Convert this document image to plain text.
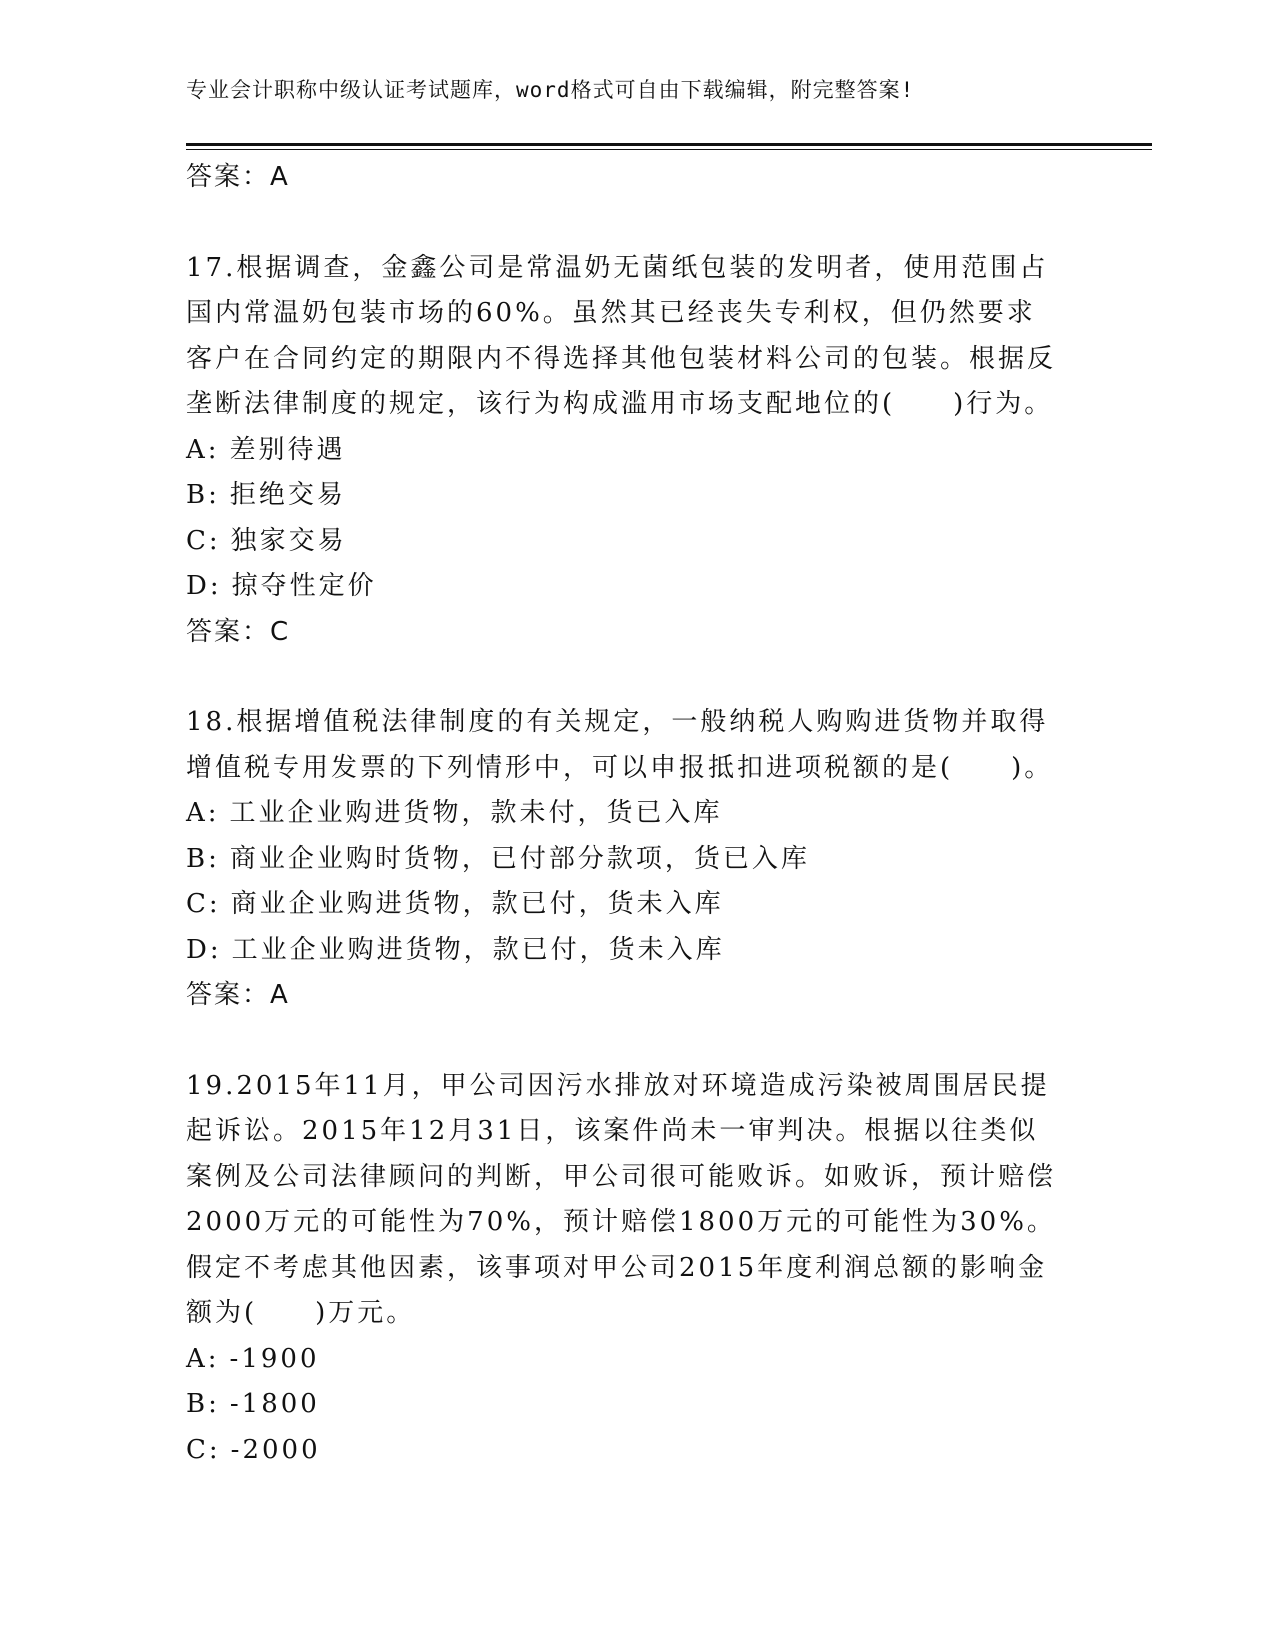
专业会计职称中级认证考试题库，word格式可自由下载编辑，附完整答案!
答案：A
17.根据调查，金鑫公司是常温奶无菌纸包装的发明者，使用范围占国内常温奶包装市场的60%。虽然其已经丧失专利权，但仍然要求客户在合同约定的期限内不得选择其他包装材料公司的包装。根据反垄断法律制度的规定，该行为构成滥用市场支配地位的(　　)行为。
A: 差别待遇
B: 拒绝交易
C: 独家交易
D: 掠夺性定价
答案：C
18.根据增值税法律制度的有关规定，一般纳税人购购进货物并取得增值税专用发票的下列情形中，可以申报抵扣进项税额的是(　　)。
A: 工业企业购进货物，款未付，货已入库
B: 商业企业购时货物，已付部分款项，货已入库
C: 商业企业购进货物，款已付，货未入库
D: 工业企业购进货物，款已付，货未入库
答案：A
19.2015年11月，甲公司因污水排放对环境造成污染被周围居民提起诉讼。2015年12月31日，该案件尚未一审判决。根据以往类似案例及公司法律顾问的判断，甲公司很可能败诉。如败诉，预计赔偿2000万元的可能性为70%，预计赔偿1800万元的可能性为30%。假定不考虑其他因素，该事项对甲公司2015年度利润总额的影响金额为(　　)万元。
A: -1900
B: -1800
C: -2000
